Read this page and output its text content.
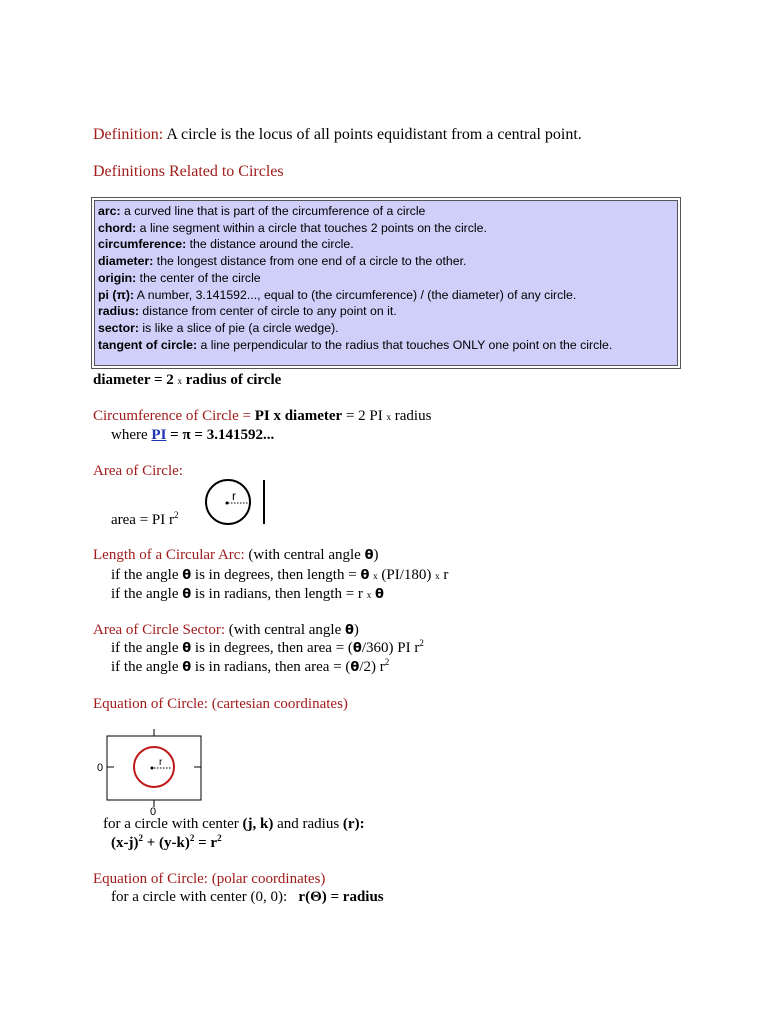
Definition: A circle is the locus of all points equidistant from a central point.
Definitions Related to Circles
arc: a curved line that is part of the circumference of a circle
chord: a line segment within a circle that touches 2 points on the circle.
circumference: the distance around the circle.
diameter: the longest distance from one end of a circle to the other.
origin: the center of the circle
pi (π): A number, 3.141592..., equal to (the circumference) / (the diameter) of any circle.
radius: distance from center of circle to any point on it.
sector: is like a slice of pie (a circle wedge).
tangent of circle: a line perpendicular to the radius that touches ONLY one point on the circle.
diameter = 2 x radius of circle
Circumference of Circle = PI x diameter = 2 PI x radius
where PI = π = 3.141592...
Area of Circle:
area = PI $r^2$
r
Length of a Circular Arc: (with central angle θ)
if the angle θ is in degrees, then length = θ x (PI/180) x r
if the angle θ is in radians, then length = r x θ
Area of Circle Sector: (with central angle θ)
if the angle θ is in degrees, then area = (θ/360) PI $r^2$
if the angle θ is in radians, then area = (θ/2) $r^2$
Equation of Circle: (cartesian coordinates)
r
0
0
for a circle with center (j, k) and radius (r):
$(x-j)^2 + (y-k)^2 = r^2$
Equation of Circle: (polar coordinates)
for a circle with center (0, 0):   r(Θ) = radius
